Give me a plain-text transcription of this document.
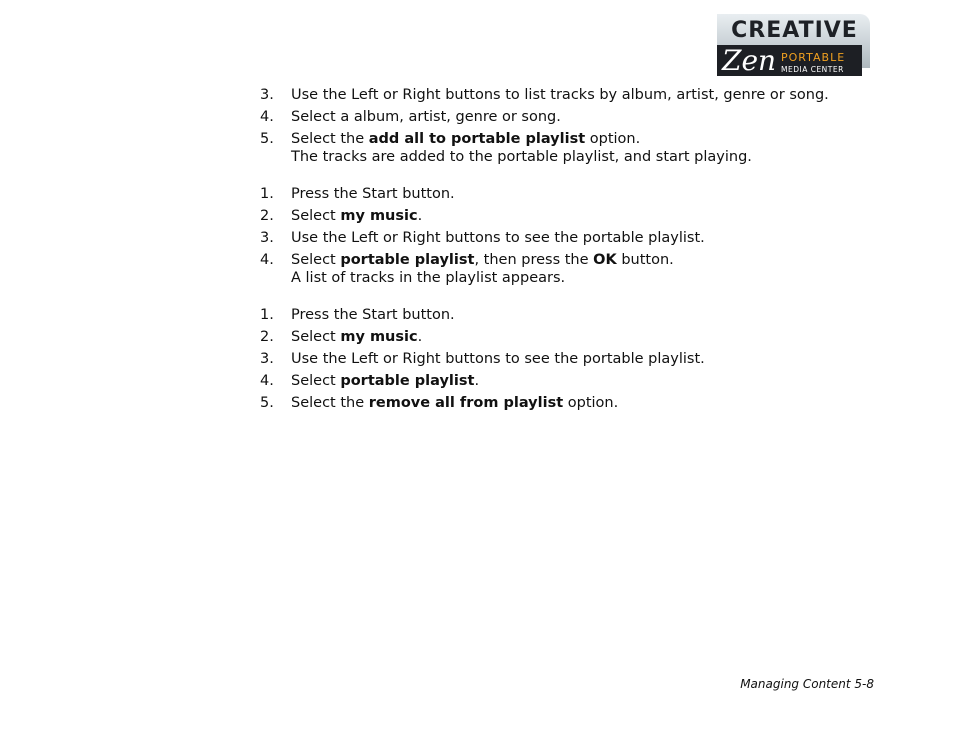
CREATIVE
Zen PORTABLE
MEDIA CENTER
3. Use the Left or Right buttons to list tracks by album, artist, genre or song.
4. Select a album, artist, genre or song.
5. Select the add all to portable playlist option.
The tracks are added to the portable playlist, and start playing.
1. Press the Start button.
2. Select my music.
3. Use the Left or Right buttons to see the portable playlist.
4. Select portable playlist, then press the OK button.
A list of tracks in the playlist appears.
1. Press the Start button.
2. Select my music.
3. Use the Left or Right buttons to see the portable playlist.
4. Select portable playlist.
5. Select the remove all from playlist option.
Managing Content 5-8
